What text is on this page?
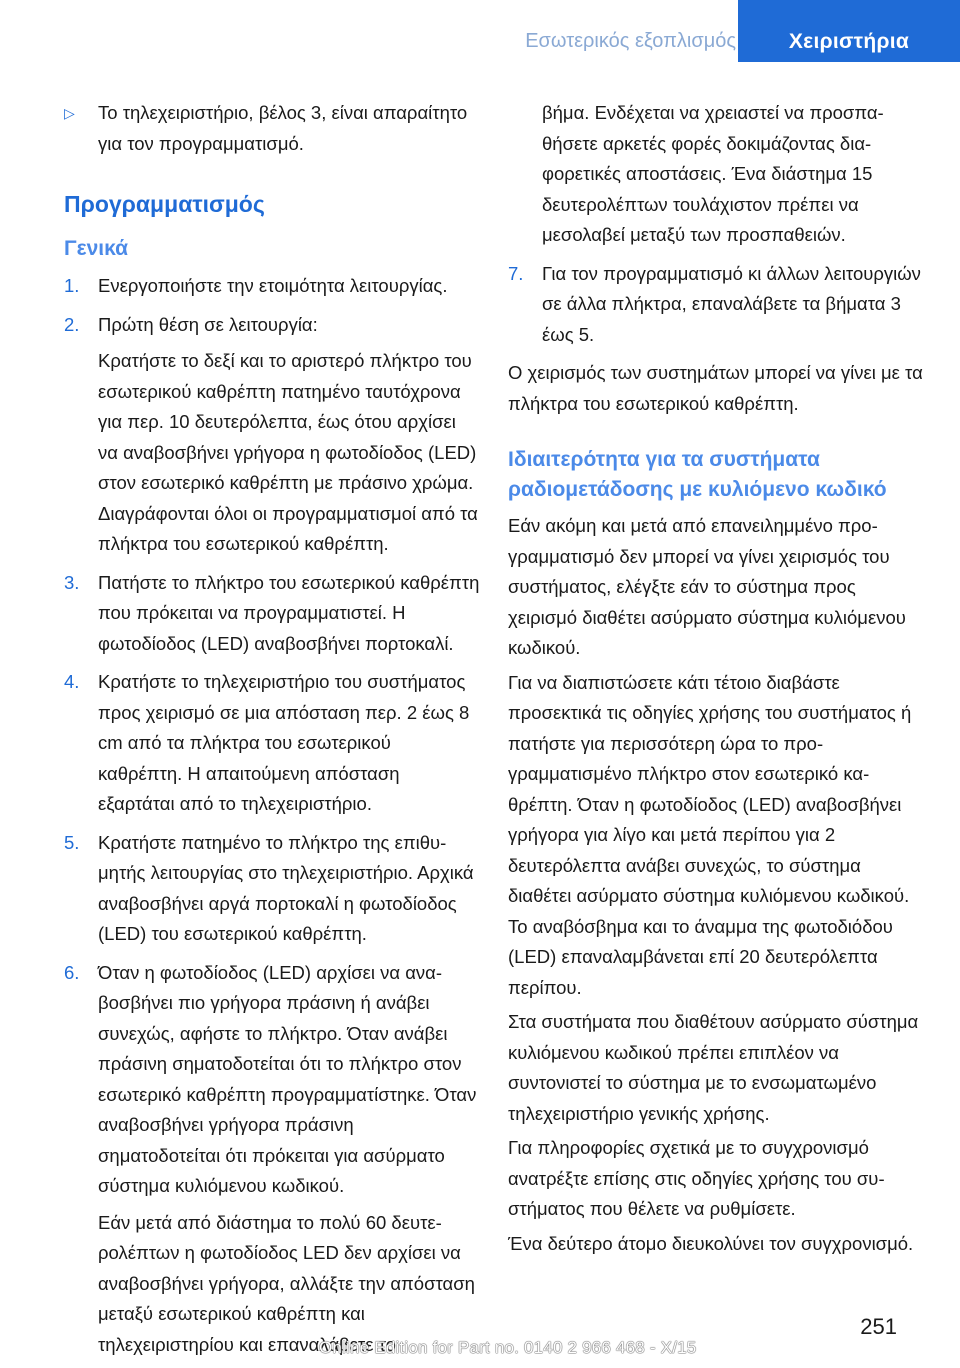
Εσωτερικός εξοπλισμός	Χειριστήρια
▷	Το τηλεχειριστήριο, βέλος 3, είναι απαραίτητο για τον προγραμματισμό.

Προγραμματισμός
Γενικά
1.	Ενεργοποιήστε την ετοιμότητα λειτουργίας.

2.	Πρώτη θέση σε λειτουργία:

Κρατήστε το δεξί και το αριστερό πλήκτρο του εσωτερικού καθρέπτη πατημένο ταυτόχρονα για περ. 10 δευτερόλεπτα, έως ότου αρχίσει να αναβοσβήνει γρήγορα η φωτοδίοδος (LED) στον εσωτερικό καθρέπτη με πράσινο χρώμα. Διαγράφονται όλοι οι προγραμματισμοί από τα πλήκτρα του εσωτερικού καθρέπτη.

3.	Πατήστε το πλήκτρο του εσωτερικού καθρέπτη που πρόκειται να προγραμματιστεί. Η φωτοδίοδος (LED) αναβοσβήνει πορτοκαλί.

4.	Κρατήστε το τηλεχειριστήριο του συστήματος προς χειρισμό σε μια απόσταση περ. 2 έως 8 cm από τα πλήκτρα του εσωτερικού καθρέπτη. Η απαιτούμενη απόσταση εξαρτάται από το τηλεχειριστήριο.

5.	Κρατήστε πατημένο το πλήκτρο της επιθυμητής λειτουργίας στο τηλεχειριστήριο. Αρχικά αναβοσβήνει αργά πορτοκαλί η φωτοδίοδος (LED) του εσωτερικού καθρέπτη.

6.	Όταν η φωτοδίοδος (LED) αρχίσει να αναβοσβήνει πιο γρήγορα πράσινη ή ανάβει συνεχώς, αφήστε το πλήκτρο. Όταν ανάβει πράσινη σηματοδοτείται ότι το πλήκτρο στον εσωτερικό καθρέπτη προγραμματίστηκε. Όταν αναβοσβήνει γρήγορα πράσινη σηματοδοτείται ότι πρόκειται για ασύρματο σύστημα κυλιόμενου κωδικού.

Εάν μετά από διάστημα το πολύ 60 δευτερολέπτων η φωτοδίοδος LED δεν αρχίσει να αναβοσβήνει γρήγορα, αλλάξτε την απόσταση μεταξύ εσωτερικού καθρέπτη και τηλεχειριστηρίου και επαναλάβετε το

βήμα. Ενδέχεται να χρειαστεί να προσπαθήσετε αρκετές φορές δοκιμάζοντας διαφορετικές αποστάσεις. Ένα διάστημα 15 δευτερολέπτων τουλάχιστον πρέπει να μεσολαβεί μεταξύ των προσπαθειών.

7.	Για τον προγραμματισμό κι άλλων λειτουργιών σε άλλα πλήκτρα, επαναλάβετε τα βήματα 3 έως 5.

Ο χειρισμός των συστημάτων μπορεί να γίνει με τα πλήκτρα του εσωτερικού καθρέπτη.

Ιδιαιτερότητα για τα συστήματα ραδιομετάδοσης με κυλιόμενο κωδικό

Εάν ακόμη και μετά από επανειλημμένο προγραμματισμό δεν μπορεί να γίνει χειρισμός του συστήματος, ελέγξτε εάν το σύστημα προς χειρισμό διαθέτει ασύρματο σύστημα κυλιόμενου κωδικού.

Για να διαπιστώσετε κάτι τέτοιο διαβάστε προσεκτικά τις οδηγίες χρήσης του συστήματος ή πατήστε για περισσότερη ώρα το προγραμματισμένο πλήκτρο στον εσωτερικό καθρέπτη. Όταν η φωτοδίοδος (LED) αναβοσβήνει γρήγορα για λίγο και μετά περίπου για 2 δευτερόλεπτα ανάβει συνεχώς, το σύστημα διαθέτει ασύρματο σύστημα κυλιόμενου κωδικού. Το αναβόσβημα και το άναμμα της φωτοδιόδου (LED) επαναλαμβάνεται επί 20 δευτερόλεπτα περίπου.

Στα συστήματα που διαθέτουν ασύρματο σύστημα κυλιόμενου κωδικού πρέπει επιπλέον να συντονιστεί το σύστημα με το ενσωματωμένο τηλεχειριστήριο γενικής χρήσης.

Για πληροφορίες σχετικά με το συγχρονισμό ανατρέξτε επίσης στις οδηγίες χρήσης του συστήματος που θέλετε να ρυθμίσετε.

Ένα δεύτερο άτομο διευκολύνει τον συγχρονισμό.

251
Online Edition for Part no. 0140 2 966 468 - X/15
